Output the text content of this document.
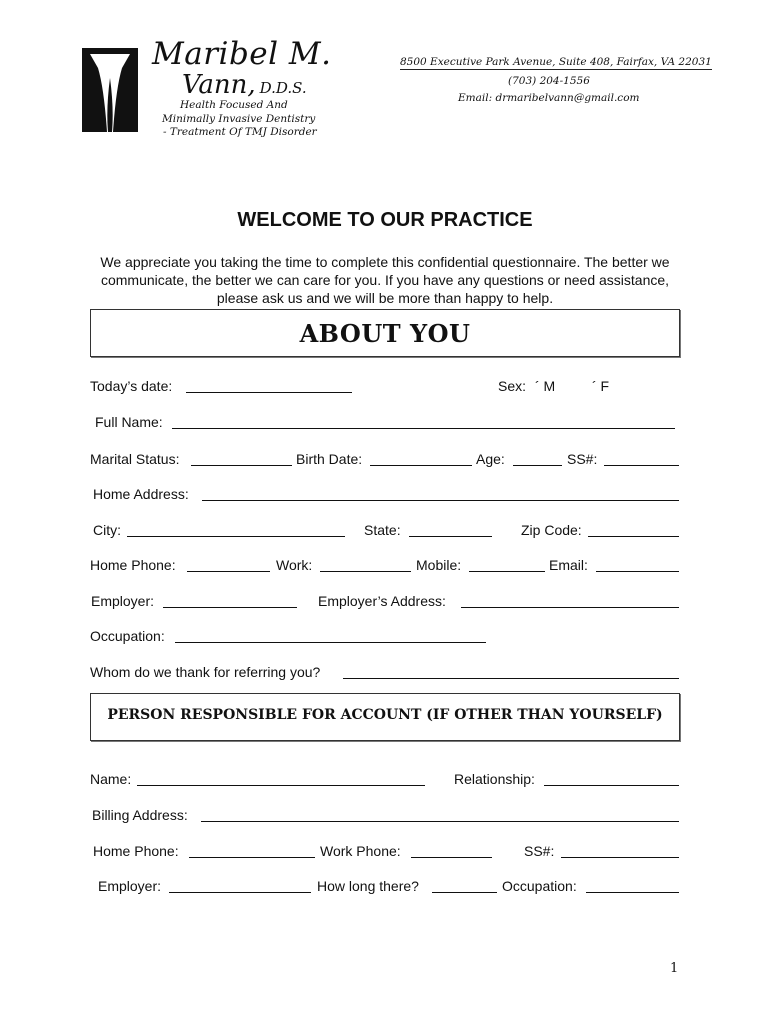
Maribel M.
Vann, D.D.S.
Health Focused And
Minimally Invasive Dentistry
- Treatment Of TMJ Disorder
8500 Executive Park Avenue, Suite 408, Fairfax, VA 22031
(703) 204-1556
Email: drmaribelvann@gmail.com
WELCOME TO OUR PRACTICE
We appreciate you taking the time to complete this confidential questionnaire. The better we communicate, the better we can care for you. If you have any questions or need assistance, please ask us and we will be more than happy to help.
ABOUT YOU
Today’s date:	Sex: ´ M	´ F
Full Name:
Marital Status:	Birth Date:	Age:	SS#:
Home Address:
City:	State:	Zip Code:
Home Phone:	Work:	Mobile:	Email:
Employer:	Employer’s Address:
Occupation:
Whom do we thank for referring you?
PERSON RESPONSIBLE FOR ACCOUNT (IF OTHER THAN YOURSELF)
Name:	Relationship:
Billing Address:
Home Phone:	Work Phone:	SS#:
Employer:	How long there?	Occupation:
1
